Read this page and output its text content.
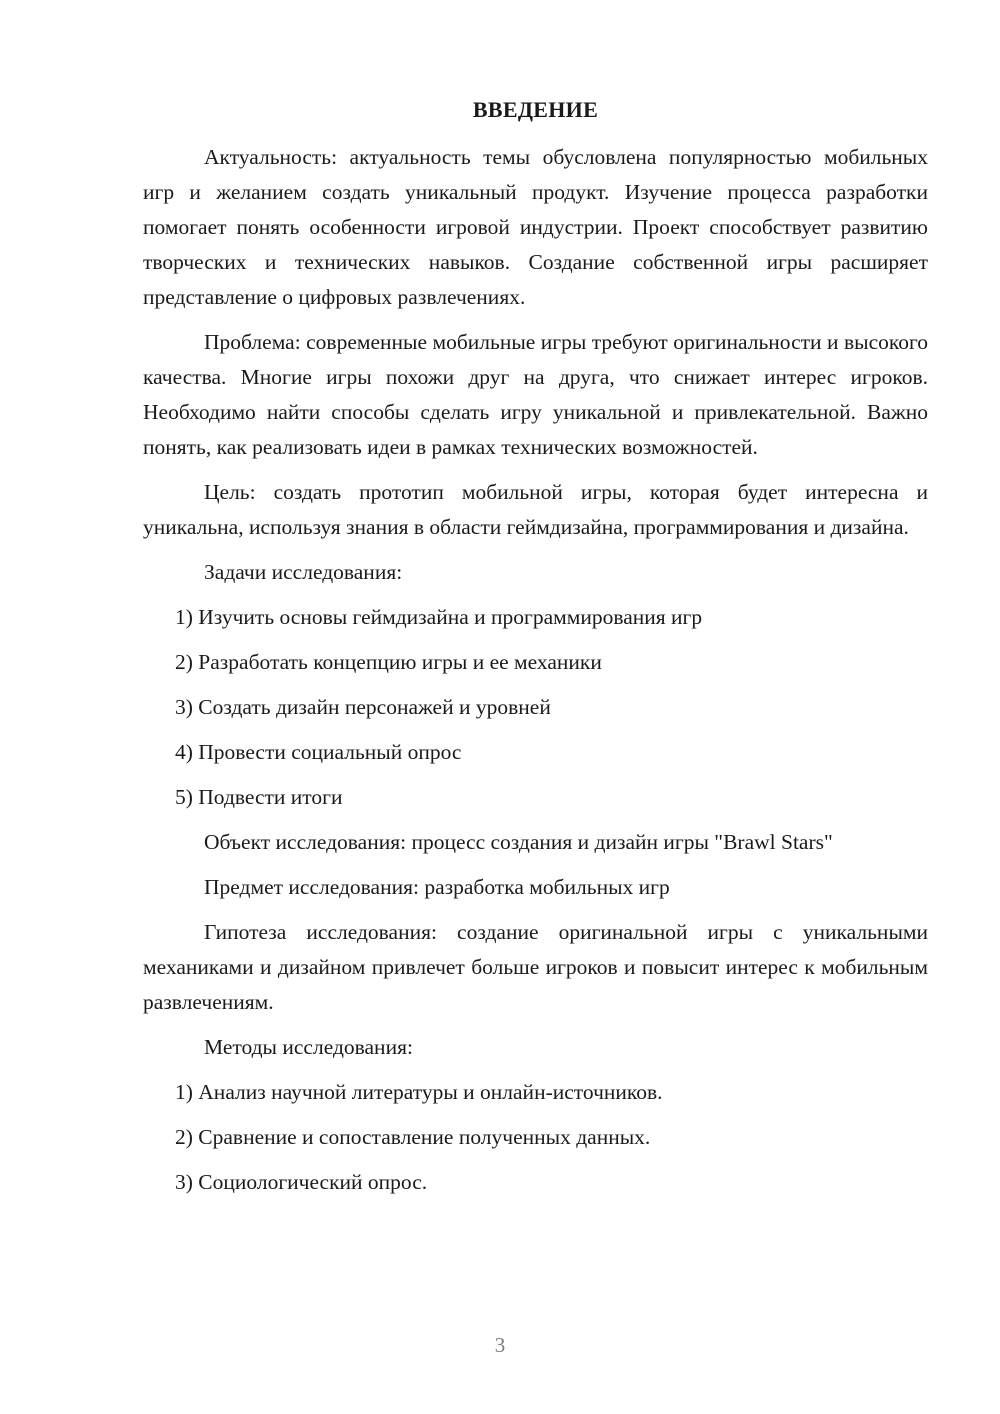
ВВЕДЕНИЕ

Актуальность: актуальность темы обусловлена популярностью мобильных игр и желанием создать уникальный продукт. Изучение процесса разработки помогает понять особенности игровой индустрии. Проект способствует развитию творческих и технических навыков. Создание собственной игры расширяет представление о цифровых развлечениях.

Проблема: современные мобильные игры требуют оригинальности и высокого качества. Многие игры похожи друг на друга, что снижает интерес игроков. Необходимо найти способы сделать игру уникальной и привлекательной. Важно понять, как реализовать идеи в рамках технических возможностей.

Цель: создать прототип мобильной игры, которая будет интересна и уникальна, используя знания в области геймдизайна, программирования и дизайна.

Задачи исследования:

1) Изучить основы геймдизайна и программирования игр

2) Разработать концепцию игры и ее механики

3) Создать дизайн персонажей и уровней

4) Провести социальный опрос

5) Подвести итоги

Объект исследования: процесс создания и дизайн игры "Brawl Stars"

Предмет исследования: разработка мобильных игр

Гипотеза исследования: создание оригинальной игры с уникальными механиками и дизайном привлечет больше игроков и повысит интерес к мобильным развлечениям.

Методы исследования:

1) Анализ научной литературы и онлайн-источников.

2) Сравнение и сопоставление полученных данных.

3) Социологический опрос.

3
